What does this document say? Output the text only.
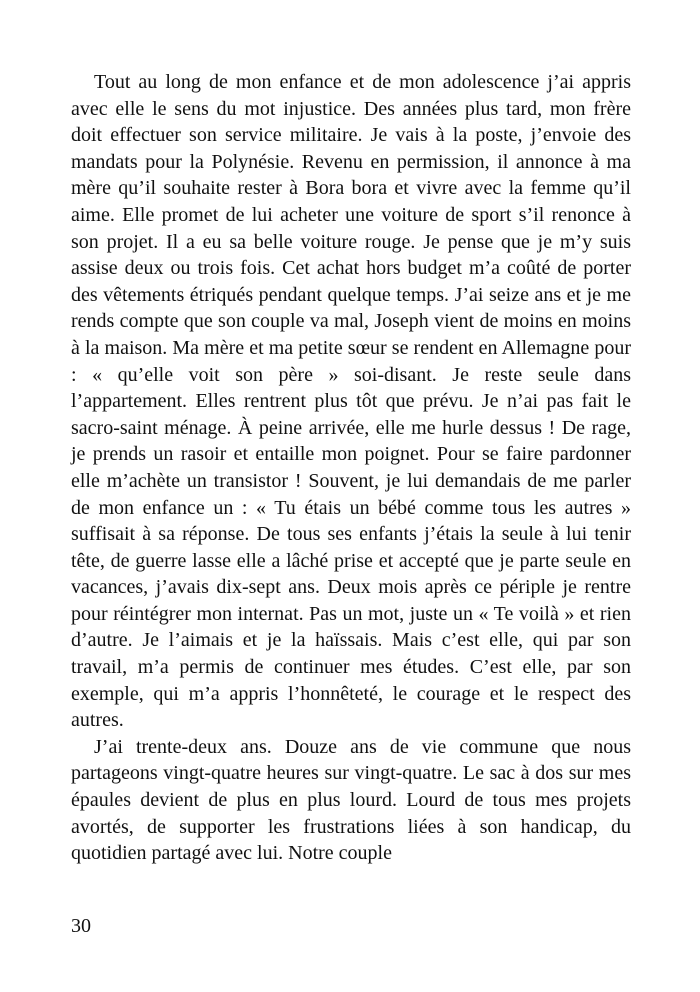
Tout au long de mon enfance et de mon adolescence j’ai appris avec elle le sens du mot injustice. Des années plus tard, mon frère doit effectuer son service militaire. Je vais à la poste, j’envoie des mandats pour la Polynésie. Revenu en permission, il annonce à ma mère qu’il souhaite rester à Bora bora et vivre avec la femme qu’il aime. Elle promet de lui acheter une voiture de sport s’il renonce à son projet. Il a eu sa belle voiture rouge. Je pense que je m’y suis assise deux ou trois fois. Cet achat hors budget m’a coûté de porter des vêtements étriqués pendant quelque temps. J’ai seize ans et je me rends compte que son couple va mal, Joseph vient de moins en moins à la maison. Ma mère et ma petite sœur se rendent en Allemagne pour : « qu’elle voit son père » soi-disant. Je reste seule dans l’appartement. Elles rentrent plus tôt que prévu. Je n’ai pas fait le sacro-saint ménage. À peine arrivée, elle me hurle dessus ! De rage, je prends un rasoir et entaille mon poignet. Pour se faire pardonner elle m’achète un transistor ! Souvent, je lui demandais de me parler de mon enfance un : « Tu étais un bébé comme tous les autres » suffisait à sa réponse. De tous ses enfants j’étais la seule à lui tenir tête, de guerre lasse elle a lâché prise et accepté que je parte seule en vacances, j’avais dix-sept ans. Deux mois après ce périple je rentre pour réintégrer mon internat. Pas un mot, juste un « Te voilà » et rien d’autre. Je l’aimais et je la haïssais. Mais c’est elle, qui par son travail, m’a permis de continuer mes études. C’est elle, par son exemple, qui m’a appris l’honnêteté, le courage et le respect des autres.

J’ai trente-deux ans. Douze ans de vie commune que nous partageons vingt-quatre heures sur vingt-quatre. Le sac à dos sur mes épaules devient de plus en plus lourd. Lourd de tous mes projets avortés, de supporter les frustrations liées à son handicap, du quotidien partagé avec lui. Notre couple

30
